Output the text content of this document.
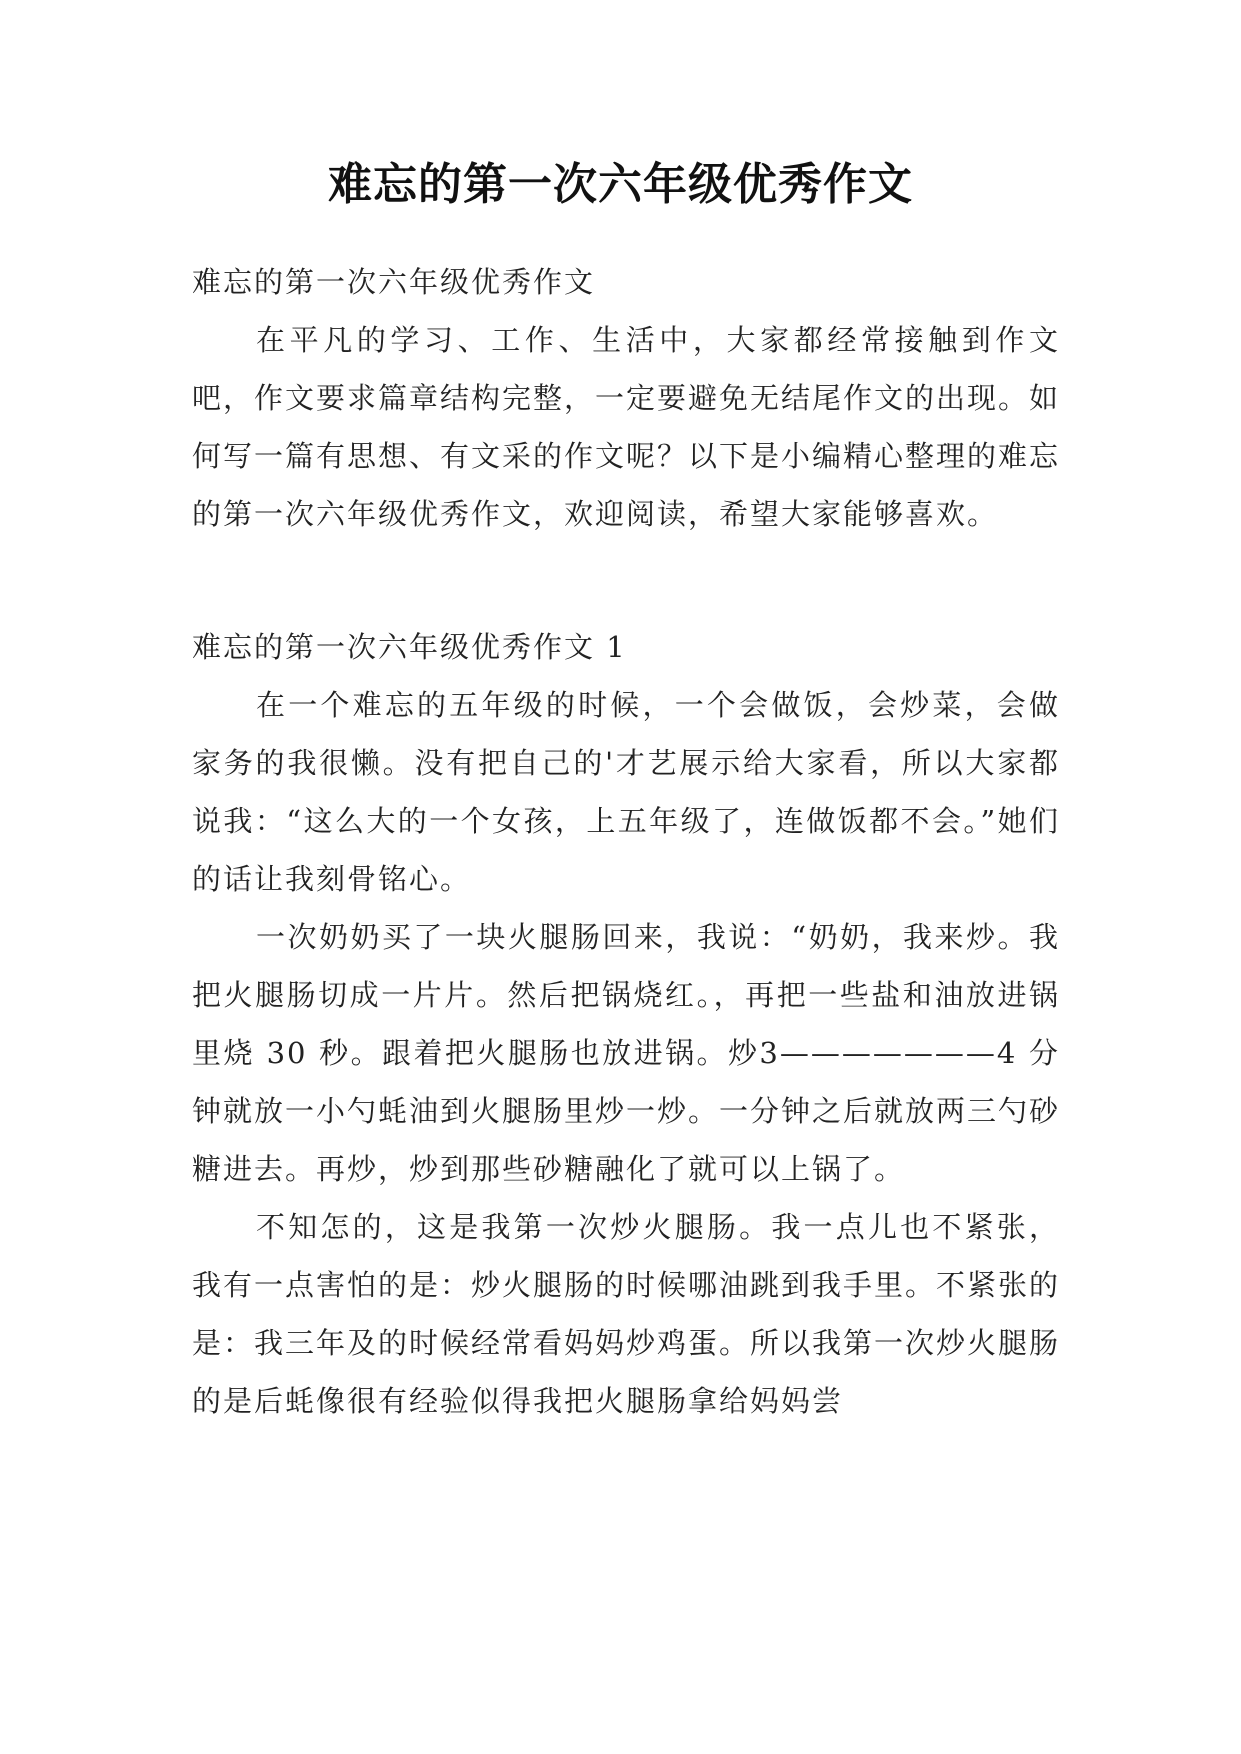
难忘的第一次六年级优秀作文
难忘的第一次六年级优秀作文

在平凡的学习、工作、生活中，大家都经常接触到作文吧，作文要求篇章结构完整，一定要避免无结尾作文的出现。如何写一篇有思想、有文采的作文呢？以下是小编精心整理的难忘的第一次六年级优秀作文，欢迎阅读，希望大家能够喜欢。

难忘的第一次六年级优秀作文 1

在一个难忘的五年级的时候，一个会做饭，会炒菜，会做家务的我很懒。没有把自己的'才艺展示给大家看，所以大家都说我：“这么大的一个女孩，上五年级了，连做饭都不会。”她们的话让我刻骨铭心。

一次奶奶买了一块火腿肠回来，我说：“奶奶，我来炒。我把火腿肠切成一片片。然后把锅烧红。，再把一些盐和油放进锅里烧 30 秒。跟着把火腿肠也放进锅。炒3———————4 分钟就放一小勺蚝油到火腿肠里炒一炒。一分钟之后就放两三勺砂糖进去。再炒，炒到那些砂糖融化了就可以上锅了。

不知怎的，这是我第一次炒火腿肠。我一点儿也不紧张，我有一点害怕的是：炒火腿肠的时候哪油跳到我手里。不紧张的是：我三年及的时候经常看妈妈炒鸡蛋。所以我第一次炒火腿肠的是后蚝像很有经验似得我把火腿肠拿给妈妈尝
